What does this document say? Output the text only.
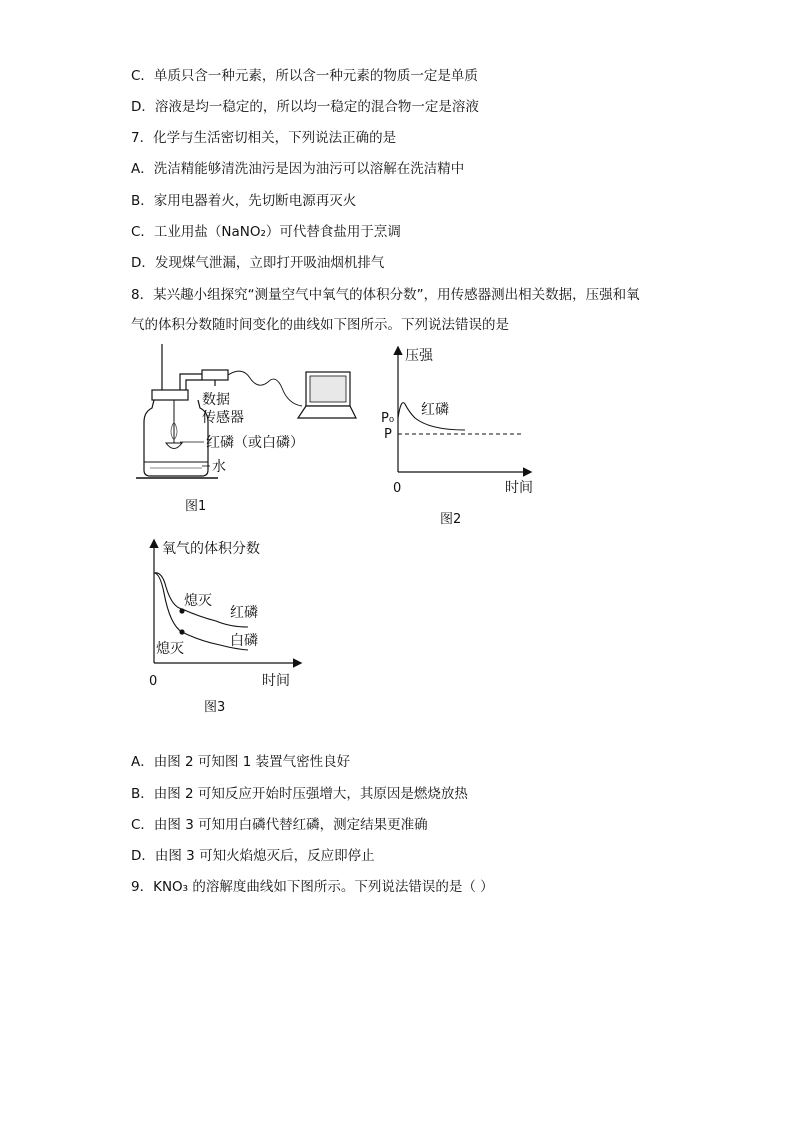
C．单质只含一种元素，所以含一种元素的物质一定是单质
D．溶液是均一稳定的，所以均一稳定的混合物一定是溶液
7．化学与生活密切相关，下列说法正确的是
A．洗洁精能够清洗油污是因为油污可以溶解在洗洁精中
B．家用电器着火，先切断电源再灭火
C．工业用盐（NaNO₂）可代替食盐用于烹调
D．发现煤气泄漏，立即打开吸油烟机排气
8．某兴趣小组探究“测量空气中氧气的体积分数”，用传感器测出相关数据，压强和氧
气的体积分数随时间变化的曲线如下图所示。下列说法错误的是
数据
传感器
红磷（或白磷）
水
图1
压强
时间
0
P₀
P
红磷
图2
氧气的体积分数
时间
0
熄灭
熄灭
红磷
白磷
图3
A．由图 2 可知图 1 装置气密性良好
B．由图 2 可知反应开始时压强增大，其原因是燃烧放热
C．由图 3 可知用白磷代替红磷，测定结果更准确
D．由图 3 可知火焰熄灭后，反应即停止
9．KNO₃ 的溶解度曲线如下图所示。下列说法错误的是（ ）
